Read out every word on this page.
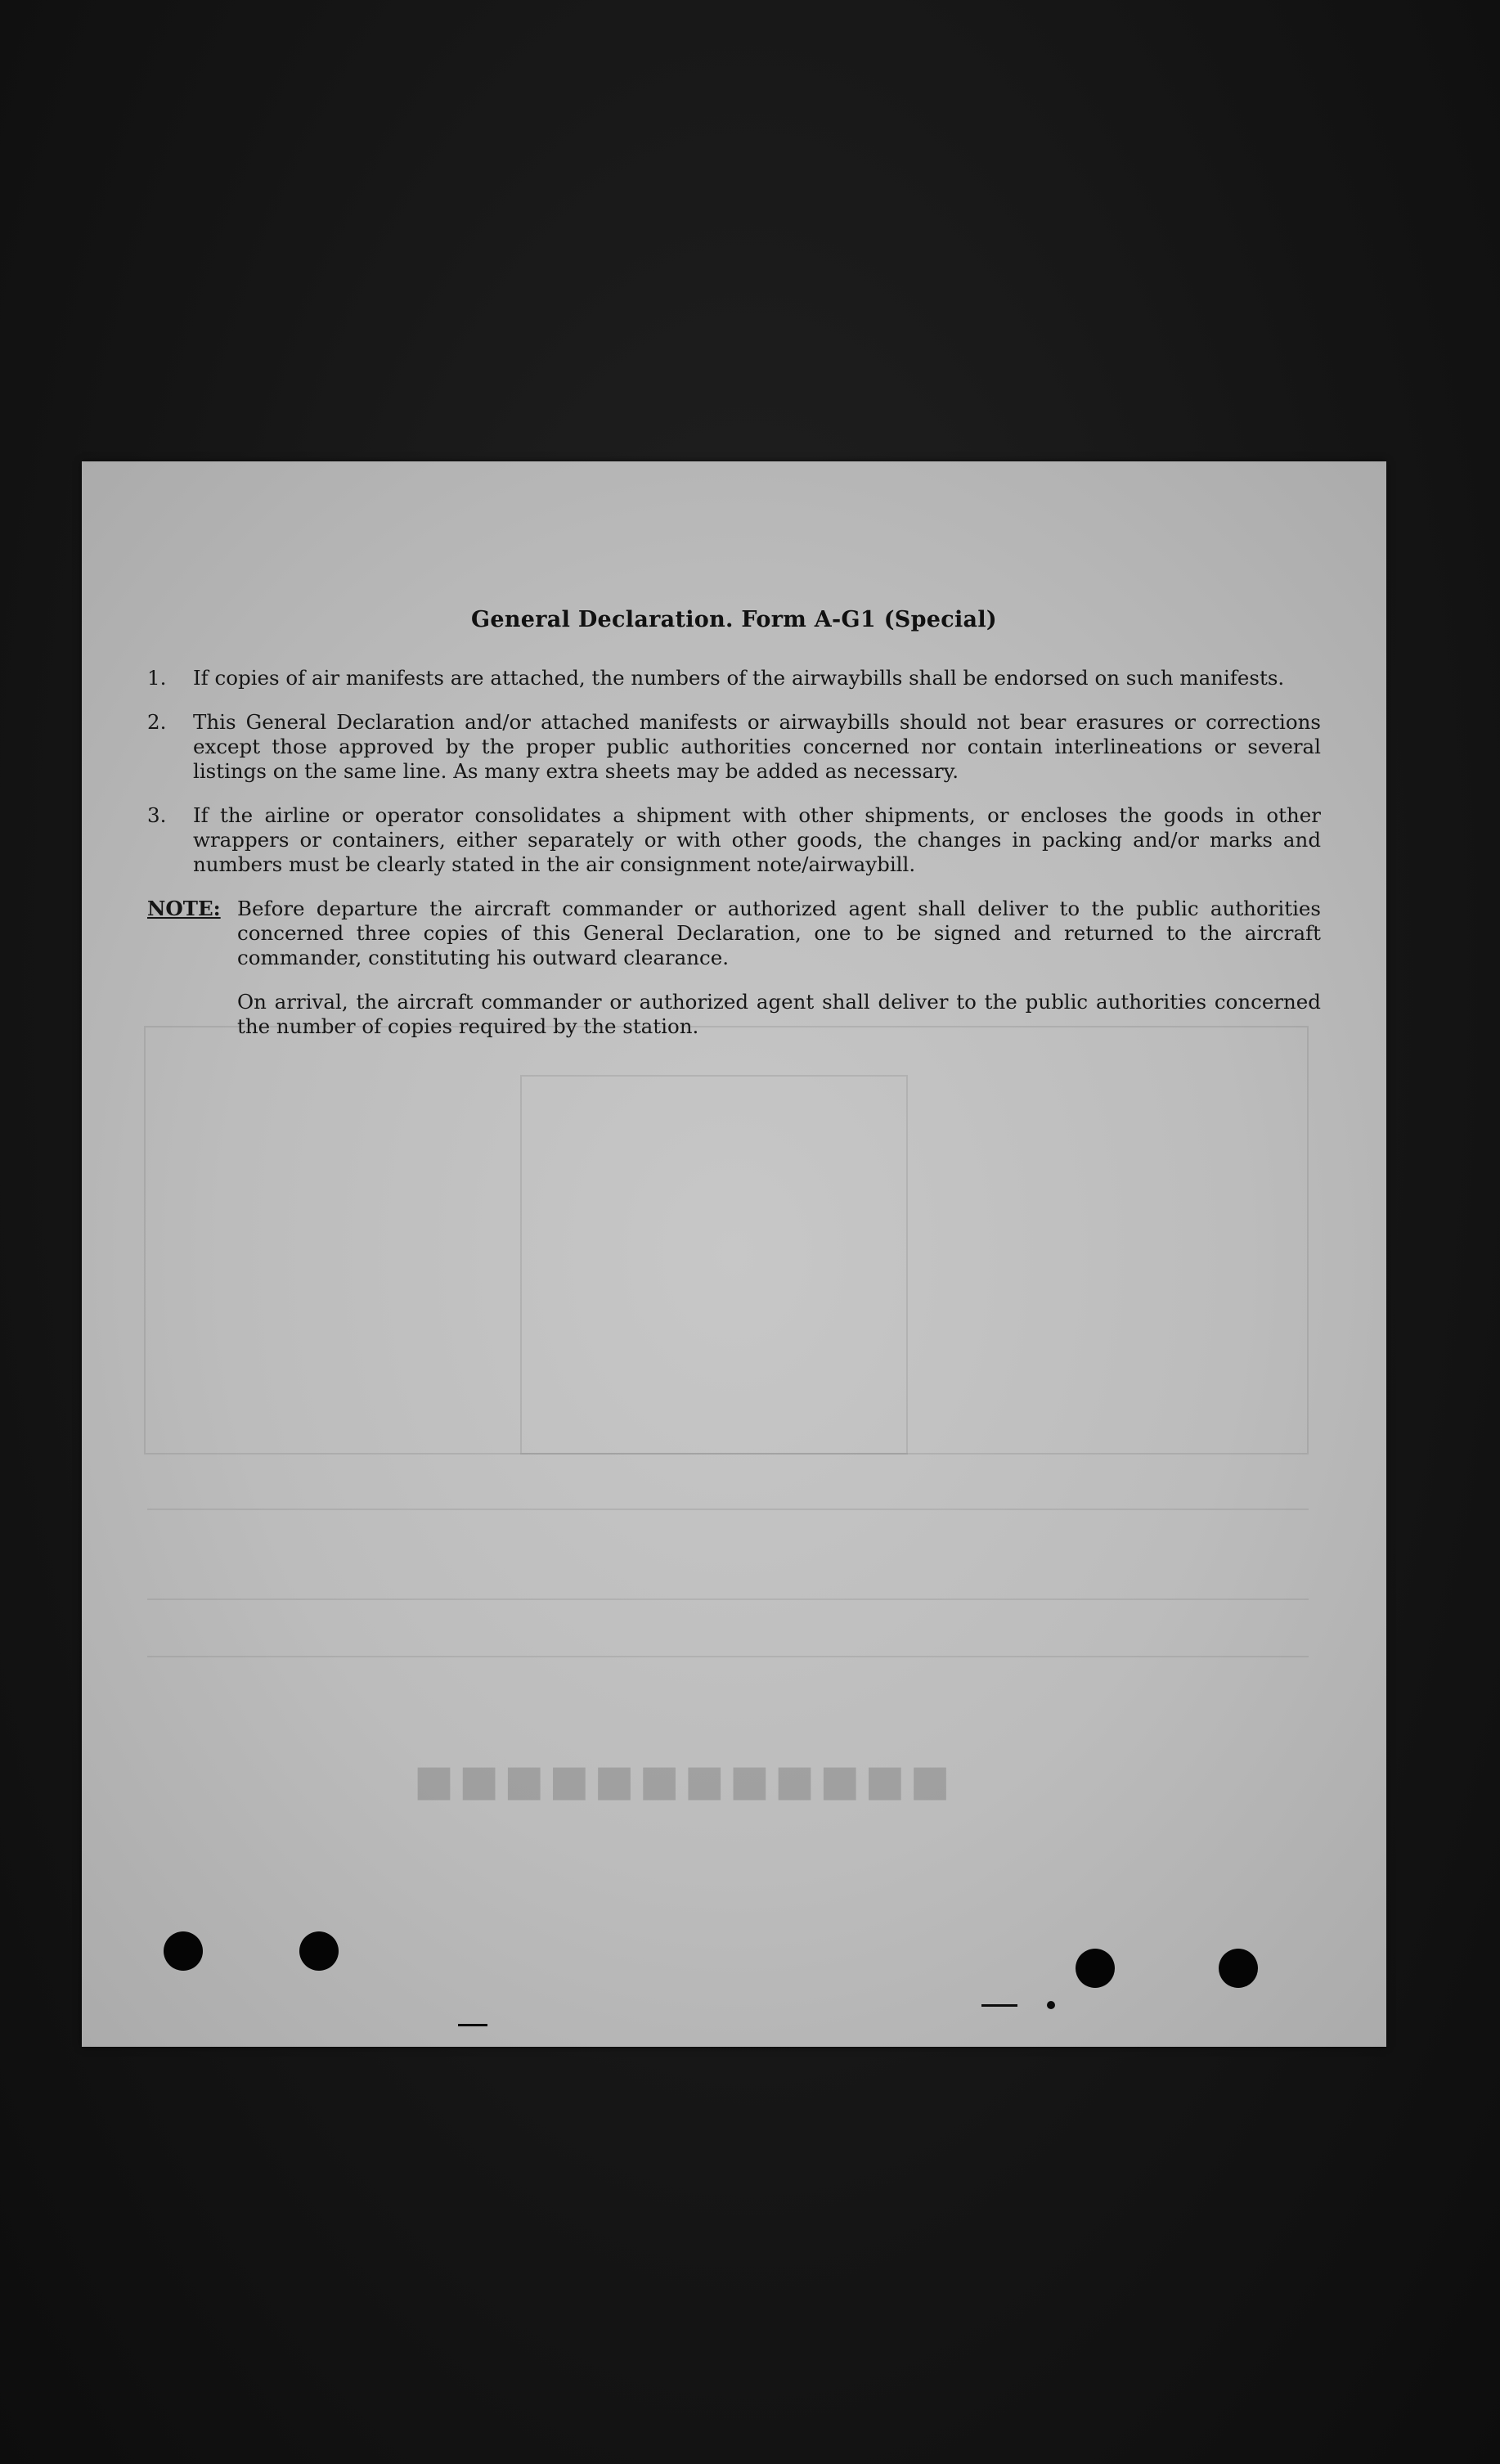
■■■■■■■■■■■■
General Declaration. Form A-G1 (Special)
1.	If copies of air manifests are attached, the numbers of the airwaybills shall be endorsed on such manifests.
2.	This General Declaration and/or attached manifests or airwaybills should not bear erasures or corrections except those approved by the proper public authorities concerned nor contain interlineations or several listings on the same line. As many extra sheets may be added as necessary.
3.	If the airline or operator consolidates a shipment with other shipments, or encloses the goods in other wrappers or containers, either separately or with other goods, the changes in packing and/or marks and numbers must be clearly stated in the air consignment note/airwaybill.
NOTE: Before departure the aircraft commander or authorized agent shall deliver to the public authorities concerned three copies of this General Declaration, one to be signed and returned to the aircraft commander, constituting his outward clearance.
On arrival, the aircraft commander or authorized agent shall deliver to the public authorities concerned the number of copies required by the station.
